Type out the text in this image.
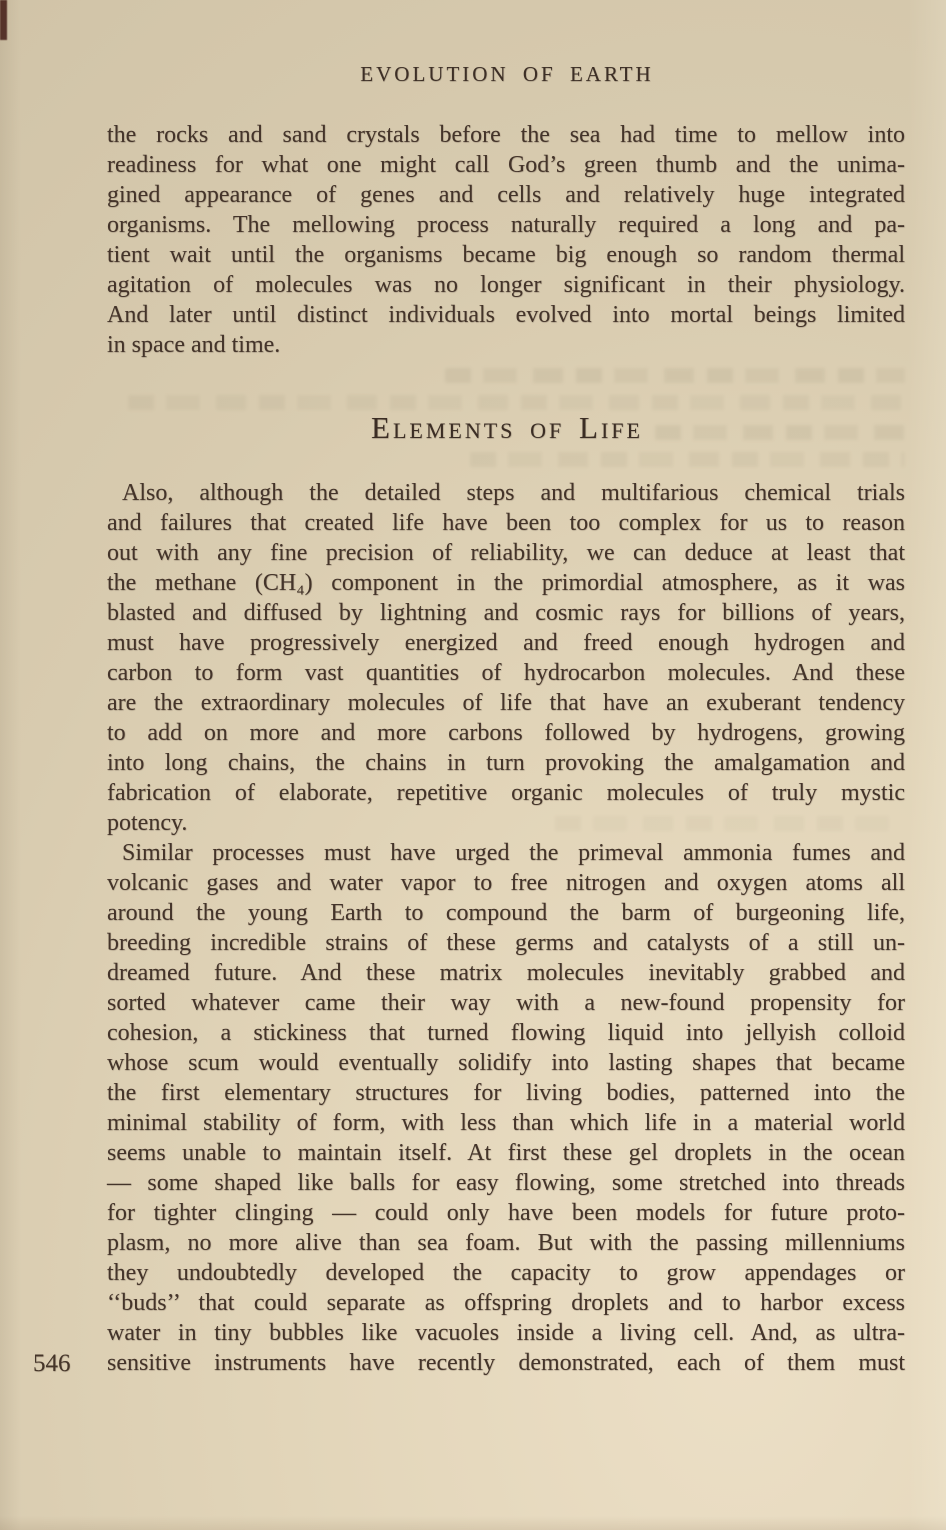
EVOLUTION OF EARTH
the rocks and sand crystals before the sea had time to mellow into
readiness for what one might call God’s green thumb and the unima-
gined appearance of genes and cells and relatively huge integrated
organisms. The mellowing process naturally required a long and pa-
tient wait until the organisms became big enough so random thermal
agitation of molecules was no longer significant in their physiology.
And later until distinct individuals evolved into mortal beings limited
in space and time.
Elements of Life
Also, although the detailed steps and multifarious chemical trials
and failures that created life have been too complex for us to reason
out with any fine precision of reliability, we can deduce at least that
the methane (CH₄) component in the primordial atmosphere, as it was
blasted and diffused by lightning and cosmic rays for billions of years,
must have progressively energized and freed enough hydrogen and
carbon to form vast quantities of hydrocarbon molecules. And these
are the extraordinary molecules of life that have an exuberant tendency
to add on more and more carbons followed by hydrogens, growing
into long chains, the chains in turn provoking the amalgamation and
fabrication of elaborate, repetitive organic molecules of truly mystic
potency.
Similar processes must have urged the primeval ammonia fumes and
volcanic gases and water vapor to free nitrogen and oxygen atoms all
around the young Earth to compound the barm of burgeoning life,
breeding incredible strains of these germs and catalysts of a still un-
dreamed future. And these matrix molecules inevitably grabbed and
sorted whatever came their way with a new-found propensity for
cohesion, a stickiness that turned flowing liquid into jellyish colloid
whose scum would eventually solidify into lasting shapes that became
the first elementary structures for living bodies, patterned into the
minimal stability of form, with less than which life in a material world
seems unable to maintain itself. At first these gel droplets in the ocean
— some shaped like balls for easy flowing, some stretched into threads
for tighter clinging — could only have been models for future proto-
plasm, no more alive than sea foam. But with the passing millenniums
they undoubtedly developed the capacity to grow appendages or
‘‘buds’’ that could separate as offspring droplets and to harbor excess
water in tiny bubbles like vacuoles inside a living cell. And, as ultra-
sensitive instruments have recently demonstrated, each of them must
546
